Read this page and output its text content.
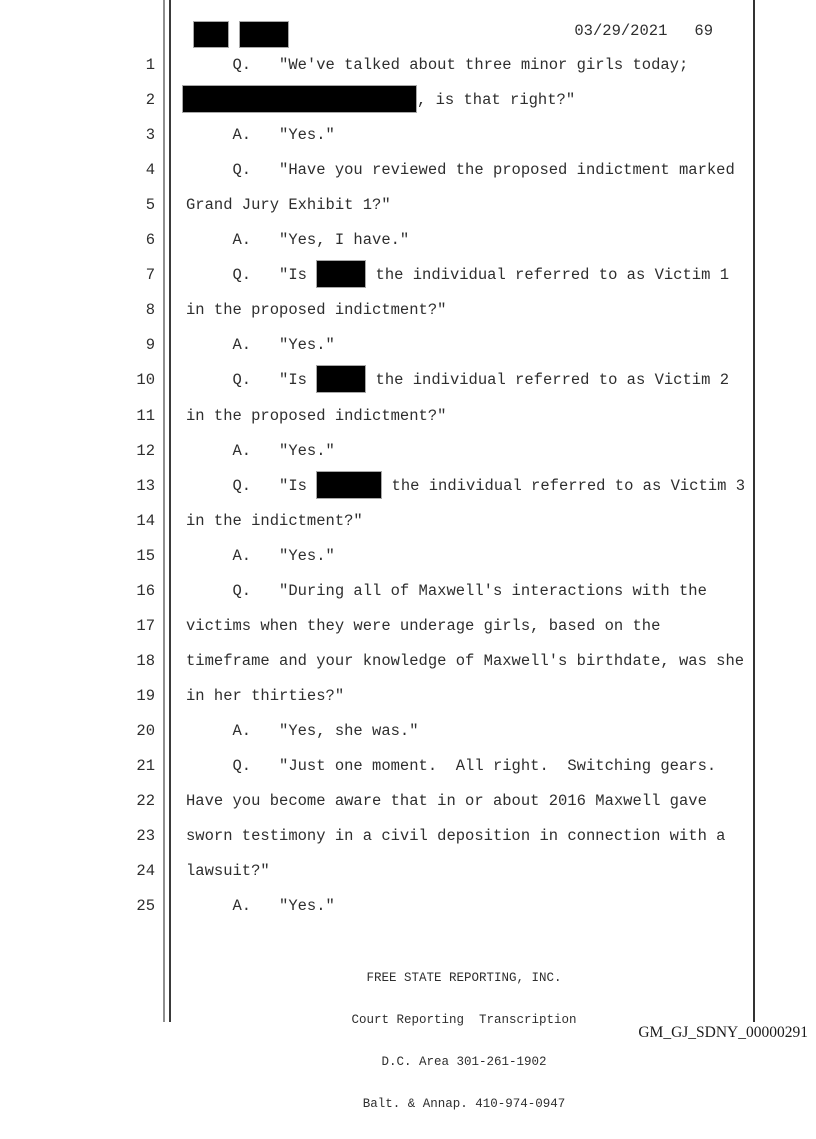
03/29/2021 69
1 Q.   "We've talked about three minor girls today;
2	, is that right?"
3 A.   "Yes."
4 Q.   "Have you reviewed the proposed indictment marked
5 Grand Jury Exhibit 1?"
6 A.   "Yes, I have."
7 Q.   "Is	the individual referred to as Victim 1
8 in the proposed indictment?"
9 A.   "Yes."
10 Q.   "Is	the individual referred to as Victim 2
11 in the proposed indictment?"
12 A.   "Yes."
13 Q.   "Is	the individual referred to as Victim 3
14 in the indictment?"
15 A.   "Yes."
16 Q.   "During all of Maxwell's interactions with the
17 victims when they were underage girls, based on the
18 timeframe and your knowledge of Maxwell's birthdate, was she
19 in her thirties?"
20 A.   "Yes, she was."
21 Q.   "Just one moment.  All right.  Switching gears.
22 Have you become aware that in or about 2016 Maxwell gave
23 sworn testimony in a civil deposition in connection with a
24 lawsuit?"
25 A.   "Yes."

FREE STATE REPORTING, INC.

Court Reporting  Transcription

D.C. Area 301-261-1902

Balt. & Annap. 410-974-0947

GM_GJ_SDNY_00000291
